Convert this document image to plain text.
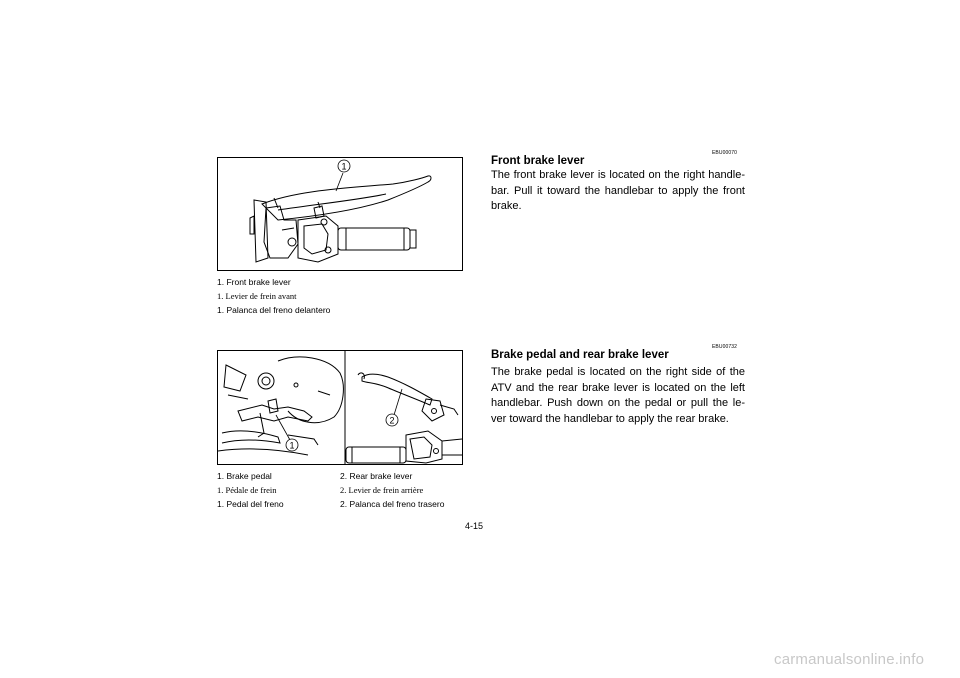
1
1. Front brake lever
1. Levier de frein avant
1. Palanca del freno delantero
1
2
1. Brake pedal
1. Pédale de frein
1. Pedal del freno
2. Rear brake lever
2. Levier de frein arrière
2. Palanca del freno trasero
EBU00070
Front brake lever
The front brake lever is located on the right handle-bar. Pull it toward the handlebar to apply the front brake.
EBU00732
Brake pedal and rear brake lever
The brake pedal is located on the right side of the ATV and the rear brake lever is located on the left handlebar. Push down on the pedal or pull the le-ver toward the handlebar to apply the rear brake.
4-15
carmanualsonline.info
